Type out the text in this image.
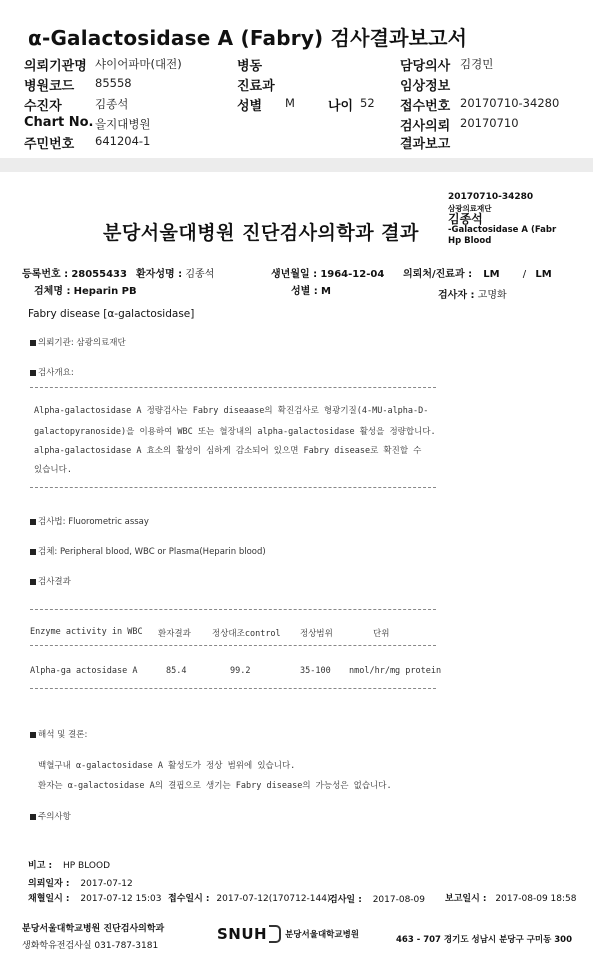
α-Galactosidase A (Fabry) 검사결과보고서
의뢰기관명 샤이어파마(대전)	병동	담당의사 김경민
병원코드 85558	진료과	임상정보
수진자	김종석	성별 M	나이 52 접수번호 20170710-34280
Chart No. 을지대병원	검사의뢰 20170710
주민번호 641204-1	결과보고
20170710-34280
삼광의료재단
김종석
-Galactosidase A (Fabr
Hp Blood
분당서울대병원 진단검사의학과 결과
등록번호 : 28055433 환자성명 : 김종석	생년월일 : 1964-12-04 의뢰처/진료과 : LM / LM
검체명 : Heparin PB	성별 : M	검사자 : 고명화
Fabry disease [α-galactosidase]
의뢰기관: 삼광의료재단
검사개요:
Alpha-galactosidase A 정량검사는 Fabry diseaase의 확진검사로 형광기질(4-MU-alpha-D-
galactopyranoside)을 이용하여 WBC 또는 혈장내의 alpha-galactosidase 활성을 정량합니다.
alpha-galactosidase A 효소의 활성이 심하게 감소되어 있으면 Fabry disease로 확진할 수
있습니다.
검사법: Fluorometric assay
검체: Peripheral blood, WBC or Plasma(Heparin blood)
검사결과
Enzyme activity in WBC 환자결과 정상대조control 정상범위	단위
Alpha-ga actosidase A	85.4	99.2	35-100 nmol/hr/mg protein
해석 및 결론:
백혈구내 α-galactosidase A 활성도가 정상 범위에 있습니다.
환자는 α-galactosidase A의 결핍으로 생기는 Fabry disease의 가능성은 없습니다.
주의사항
비고 : HP BLOOD
의뢰일자 : 2017-07-12
채혈일시 : 2017-07-12 15:03 접수일시 : 2017-07-12(170712-144)
검사일 : 2017-08-09 보고일시 : 2017-08-09 18:58
분당서울대학교병원 진단검사의학과
생화학유전검사실 031-787-3181
SNUH 분당서울대학교병원	463 - 707 경기도 성남시 분당구 구미동 300
